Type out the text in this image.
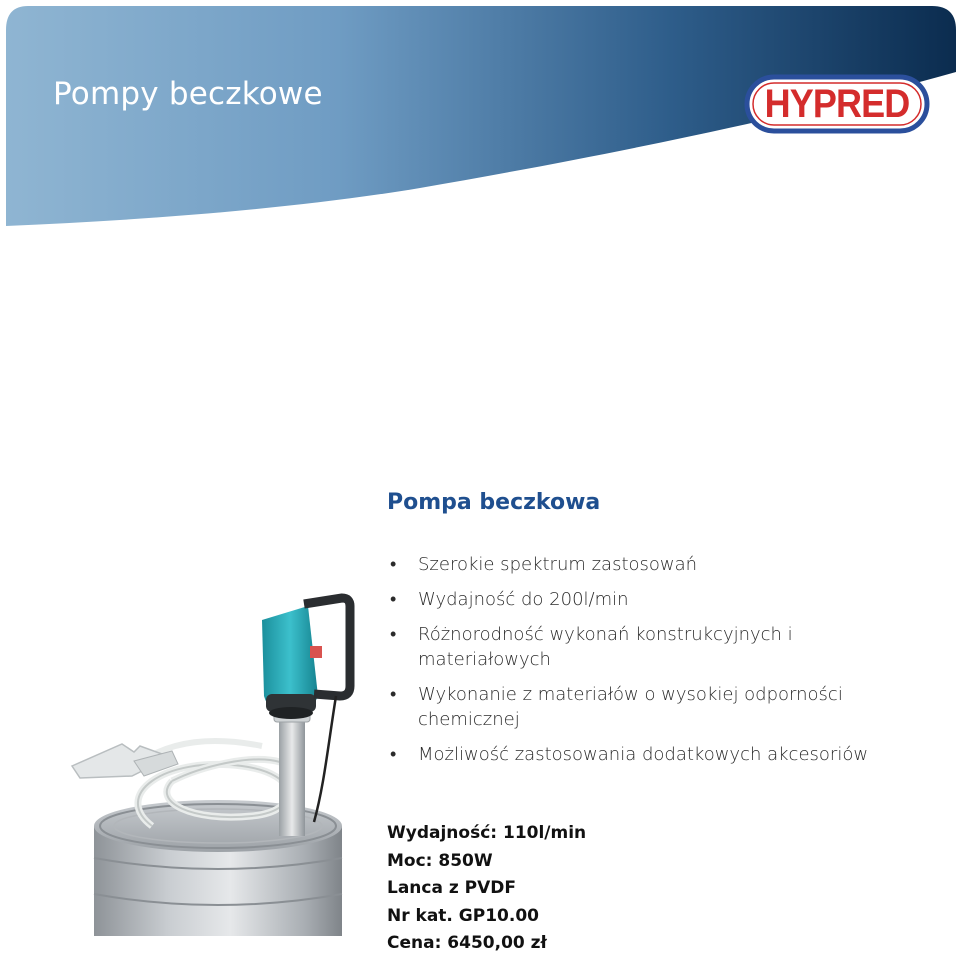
Pompy beczkowe	HYPRED
Pompa beczkowa
• Szerokie spektrum zastosowań
• Wydajność do 200l/min
• Różnorodność wykonań konstrukcyjnych i materiałowych
• Wykonanie z materiałów o wysokiej odporności chemicznej
• Możliwość zastosowania dodatkowych akcesoriów
Wydajność: 110l/min
Moc: 850W
Lanca z PVDF
Nr kat. GP10.00
Cena: 6450,00 zł
